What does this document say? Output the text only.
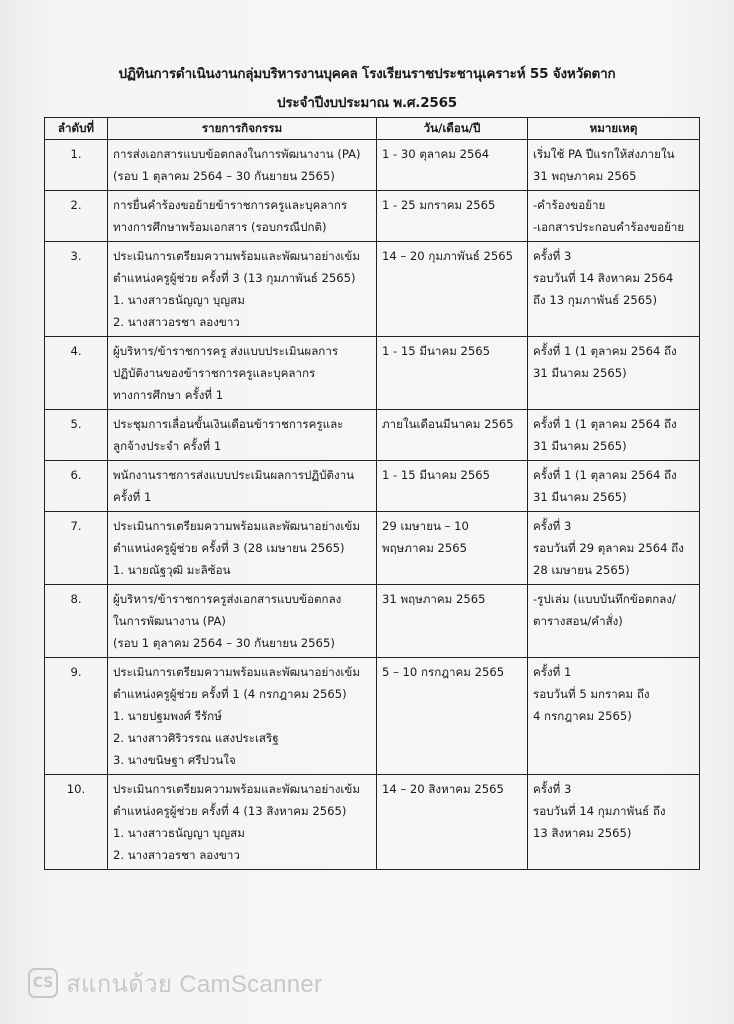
ปฏิทินการดำเนินงานกลุ่มบริหารงานบุคคล โรงเรียนราชประชานุเคราะห์ 55 จังหวัดตาก
ประจำปีงบประมาณ พ.ศ.2565
ลำดับที่	รายการกิจกรรม	วัน/เดือน/ปี	หมายเหตุ
1.	การส่งเอกสารแบบข้อตกลงในการพัฒนางาน (PA)
(รอบ 1 ตุลาคม 2564 – 30 กันยายน 2565)	1 - 30 ตุลาคม 2564	เริ่มใช้ PA ปีแรกให้ส่งภายใน
31 พฤษภาคม 2565

2.	การยื่นคำร้องขอย้ายข้าราชการครูและบุคลากร
ทางการศึกษาพร้อมเอกสาร (รอบกรณีปกติ)	1 - 25 มกราคม 2565	-คำร้องขอย้าย
-เอกสารประกอบคำร้องขอย้าย

3.	ประเมินการเตรียมความพร้อมและพัฒนาอย่างเข้ม
ตำแหน่งครูผู้ช่วย ครั้งที่ 3 (13 กุมภาพันธ์ 2565)
1. นางสาวธนัญญา บุญสม
2. นางสาวอรชา ลองขาว	14 – 20 กุมภาพันธ์ 2565	ครั้งที่ 3
รอบวันที่ 14 สิงหาคม 2564
ถึง 13 กุมภาพันธ์ 2565)

4.	ผู้บริหาร/ข้าราชการครู ส่งแบบประเมินผลการ
ปฏิบัติงานของข้าราชการครูและบุคลากร
ทางการศึกษา ครั้งที่ 1	1 - 15 มีนาคม 2565	ครั้งที่ 1 (1 ตุลาคม 2564 ถึง
31 มีนาคม 2565)

5.	ประชุมการเลื่อนขั้นเงินเดือนข้าราชการครูและ
ลูกจ้างประจำ ครั้งที่ 1	ภายในเดือนมีนาคม 2565	ครั้งที่ 1 (1 ตุลาคม 2564 ถึง
31 มีนาคม 2565)

6.	พนักงานราชการส่งแบบประเมินผลการปฏิบัติงาน
ครั้งที่ 1	1 - 15 มีนาคม 2565	ครั้งที่ 1 (1 ตุลาคม 2564 ถึง
31 มีนาคม 2565)

7.	ประเมินการเตรียมความพร้อมและพัฒนาอย่างเข้ม
ตำแหน่งครูผู้ช่วย ครั้งที่ 3 (28 เมษายน 2565)
1. นายณัฐวุฒิ มะลิซ้อน	29 เมษายน – 10
พฤษภาคม 2565	ครั้งที่ 3
รอบวันที่ 29 ตุลาคม 2564 ถึง
28 เมษายน 2565)

8.	ผู้บริหาร/ข้าราชการครูส่งเอกสารแบบข้อตกลง
ในการพัฒนางาน (PA)
(รอบ 1 ตุลาคม 2564 – 30 กันยายน 2565)	31 พฤษภาคม 2565	-รูปเล่ม (แบบบันทึกข้อตกลง/
ตารางสอน/คำสั่ง)

9.	ประเมินการเตรียมความพร้อมและพัฒนาอย่างเข้ม
ตำแหน่งครูผู้ช่วย ครั้งที่ 1 (4 กรกฎาคม 2565)
1. นายปฐมพงศ์ รีรักษ์
2. นางสาวศิริวรรณ แสงประเสริฐ
3. นางขนิษฐา ศรีปวนใจ	5 – 10 กรกฎาคม 2565	ครั้งที่ 1
รอบวันที่ 5 มกราคม ถึง
4 กรกฎาคม 2565)

10.	ประเมินการเตรียมความพร้อมและพัฒนาอย่างเข้ม
ตำแหน่งครูผู้ช่วย ครั้งที่ 4 (13 สิงหาคม 2565)
1. นางสาวธนัญญา บุญสม
2. นางสาวอรชา ลองขาว	14 – 20 สิงหาคม 2565	ครั้งที่ 3
รอบวันที่ 14 กุมภาพันธ์ ถึง
13 สิงหาคม 2565)
CS สแกนด้วย CamScanner
